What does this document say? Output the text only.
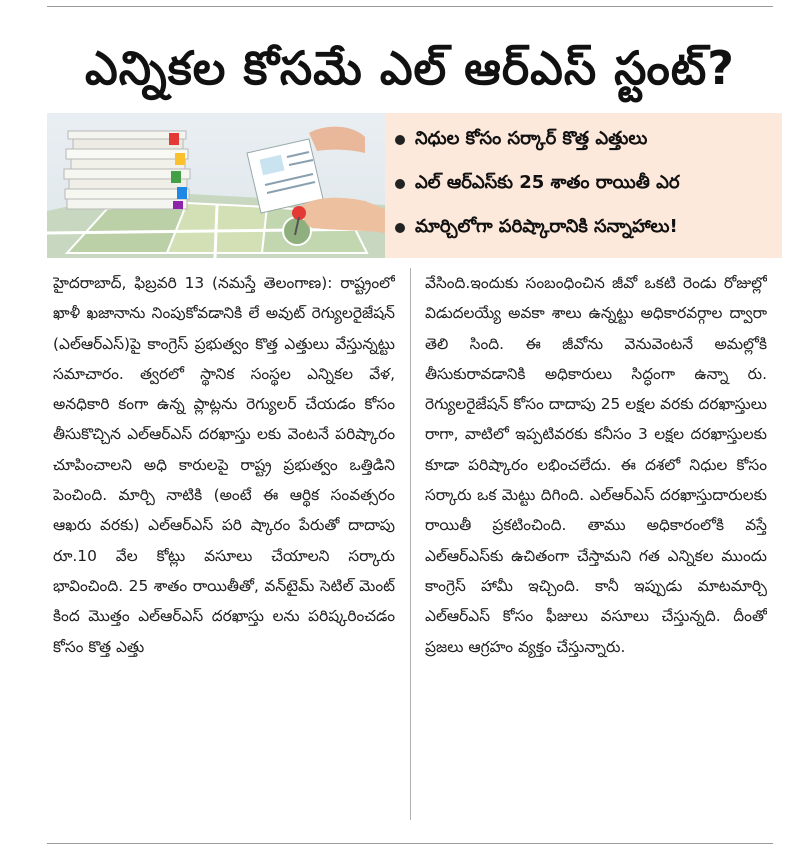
ఎన్నికల కోసమే ఎల్ ఆర్ఎస్ స్టంట్?
నిధుల కోసం సర్కార్ కొత్త ఎత్తులు
ఎల్ ఆర్ఎస్‌కు 25 శాతం రాయితీ ఎర
మార్చిలోగా పరిష్కారానికి సన్నాహాలు!
హైదరాబాద్, ఫిబ్రవరి 13 (నమస్తే తెలంగాణ): రాష్ట్రంలో ఖాళీ ఖజానాను నింపుకోవడానికి లే అవుట్ రెగ్యులరైజేషన్ (ఎల్ఆర్ఎస్)పై కాంగ్రెస్ ప్రభుత్వం కొత్త ఎత్తులు వేస్తున్నట్టు సమాచారం. త్వరలో స్థానిక సంస్థల ఎన్నికల వేళ, అనధికారి కంగా ఉన్న ప్లాట్లను రెగ్యులర్ చేయడం కోసం తీసుకొచ్చిన ఎల్ఆర్ఎస్ దరఖాస్తు లకు వెంటనే పరిష్కారం చూపించాలని అధి కారులపై రాష్ట్ర ప్రభుత్వం ఒత్తిడిని పెంచింది. మార్చి నాటికి (అంటే ఈ ఆర్థిక సంవత్సరం ఆఖరు వరకు) ఎల్ఆర్ఎస్ పరి ష్కారం పేరుతో దాదాపు రూ.10 వేల కోట్లు వసూలు చేయాలని సర్కారు భావించింది. 25 శాతం రాయితీతో, వన్‌టైమ్ సెటిల్ మెంట్ కింద మొత్తం ఎల్ఆర్ఎస్ దరఖాస్తు లను పరిష్కరించడం కోసం కొత్త ఎత్తు
వేసింది.ఇందుకు సంబంధించిన జీవో ఒకటి రెండు రోజుల్లో విడుదలయ్యే అవకా శాలు ఉన్నట్టు అధికారవర్గాల ద్వారా తెలి సింది. ఈ జీవోను వెనువెంటనే అమల్లోకి తీసుకురావడానికి అధికారులు సిద్ధంగా ఉన్నా రు. రెగ్యులరైజేషన్ కోసం దాదాపు 25 లక్షల వరకు దరఖాస్తులు రాగా, వాటిలో ఇప్పటివరకు కనీసం 3 లక్షల దరఖాస్తులకు కూడా పరిష్కారం లభించలేదు. ఈ దశలో నిధుల కోసం సర్కారు ఒక మెట్టు దిగింది. ఎల్ఆర్ఎస్ దరఖాస్తుదారులకు రాయితీ ప్రకటించింది. తాము అధికారంలోకి వస్తే ఎల్ఆర్ఎస్‌కు ఉచితంగా చేస్తామని గత ఎన్నికల ముందు కాంగ్రెస్ హామీ ఇచ్చింది. కానీ ఇప్పుడు మాటమార్చి ఎల్ఆర్ఎస్ కోసం ఫీజులు వసూలు చేస్తున్నది. దీంతో ప్రజలు ఆగ్రహం వ్యక్తం చేస్తున్నారు.
